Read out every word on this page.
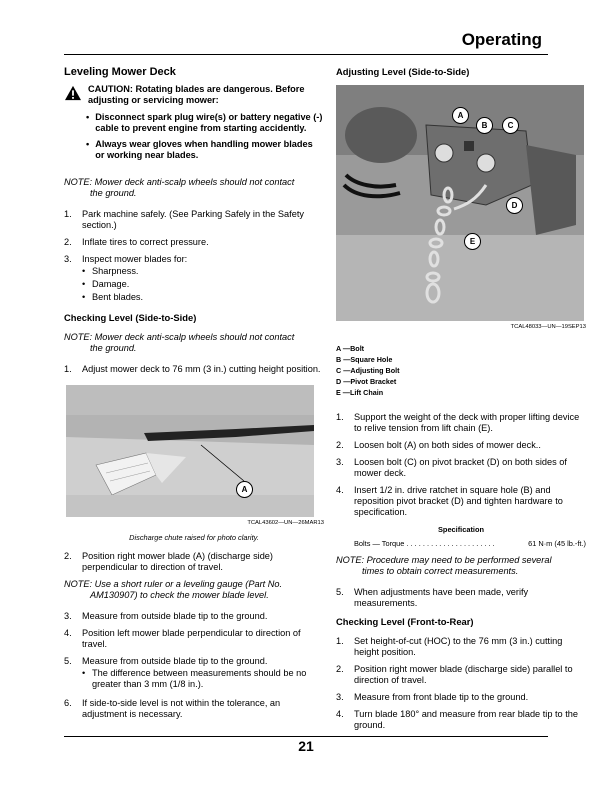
Operating
Leveling Mower Deck
CAUTION: Rotating blades are dangerous. Before adjusting or servicing mower:
• Disconnect spark plug wire(s) or battery negative (-) cable to prevent engine from starting accidently.
• Always wear gloves when handling mower blades or working near blades.
NOTE: Mower deck anti-scalp wheels should not contact
the ground.
1.	Park machine safely. (See Parking Safely in the Safety section.)
2.	Inflate tires to correct pressure.
3.	Inspect mower blades for:
• Sharpness.
• Damage.
• Bent blades.
Checking Level (Side-to-Side)
NOTE: Mower deck anti-scalp wheels should not contact
the ground.
1.	Adjust mower deck to 76 mm (3 in.) cutting height position.
A
TCAL43602—UN—26MAR13
Discharge chute raised for photo clarity.
2.	Position right mower blade (A) (discharge side) perpendicular to direction of travel.
NOTE: Use a short ruler or a leveling gauge (Part No.
AM130907) to check the mower blade level.
3.	Measure from outside blade tip to the ground.
4.	Position left mower blade perpendicular to direction of travel.
5.	Measure from outside blade tip to the ground.
• The difference between measurements should be no greater than 3 mm (1/8 in.).
6.	If side-to-side level is not within the tolerance, an adjustment is necessary.
Adjusting Level (Side-to-Side)
A
B	C
D
E
TCAL48033—UN—19SEP13
A —Bolt
B —Square Hole
C —Adjusting Bolt
D —Pivot Bracket
E —Lift Chain
1.	Support the weight of the deck with proper lifting device to relive tension from lift chain (E).
2.	Loosen bolt (A) on both sides of mower deck..
3.	Loosen bolt (C) on pivot bracket (D) on both sides of mower deck.
4.	Insert 1/2 in. drive ratchet in square hole (B) and reposition pivot bracket (D) and tighten hardware to specification.
Specification
Bolts — Torque . . . . . . . . . . . . . . . . . . . . . .	61 N·m (45 lb.-ft.)
NOTE: Procedure may need to be performed several
times to obtain correct measurements.
5.	When adjustments have been made, verify measurements.
Checking Level (Front-to-Rear)
1.	Set height-of-cut (HOC) to the 76 mm (3 in.) cutting height position.
2.	Position right mower blade (discharge side) parallel to direction of travel.
3.	Measure from front blade tip to the ground.
4.	Turn blade 180° and measure from rear blade tip to the ground.
21
